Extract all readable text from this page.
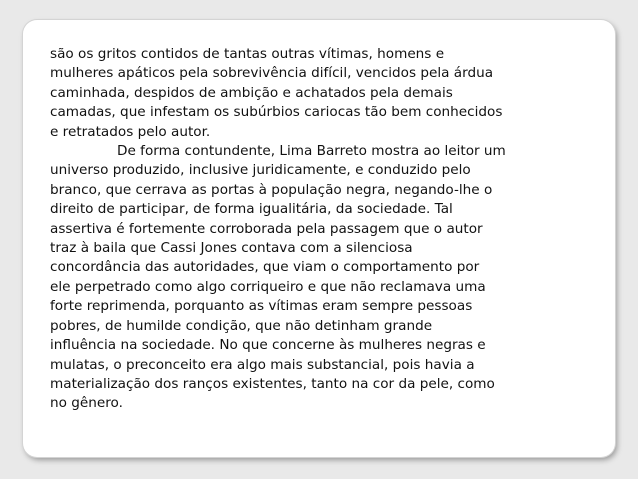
são os gritos contidos de tantas outras vítimas, homens e
mulheres apáticos pela sobrevivência difícil, vencidos pela árdua
caminhada, despidos de ambição e achatados pela demais
camadas, que infestam os subúrbios cariocas tão bem conhecidos
e retratados pelo autor.
De forma contundente, Lima Barreto mostra ao leitor um
universo produzido, inclusive juridicamente, e conduzido pelo
branco, que cerrava as portas à população negra, negando-lhe o
direito de participar, de forma igualitária, da sociedade. Tal
assertiva é fortemente corroborada pela passagem que o autor
traz à baila que Cassi Jones contava com a silenciosa
concordância das autoridades, que viam o comportamento por
ele perpetrado como algo corriqueiro e que não reclamava uma
forte reprimenda, porquanto as vítimas eram sempre pessoas
pobres, de humilde condição, que não detinham grande
influência na sociedade. No que concerne às mulheres negras e
mulatas, o preconceito era algo mais substancial, pois havia a
materialização dos ranços existentes, tanto na cor da pele, como
no gênero.
